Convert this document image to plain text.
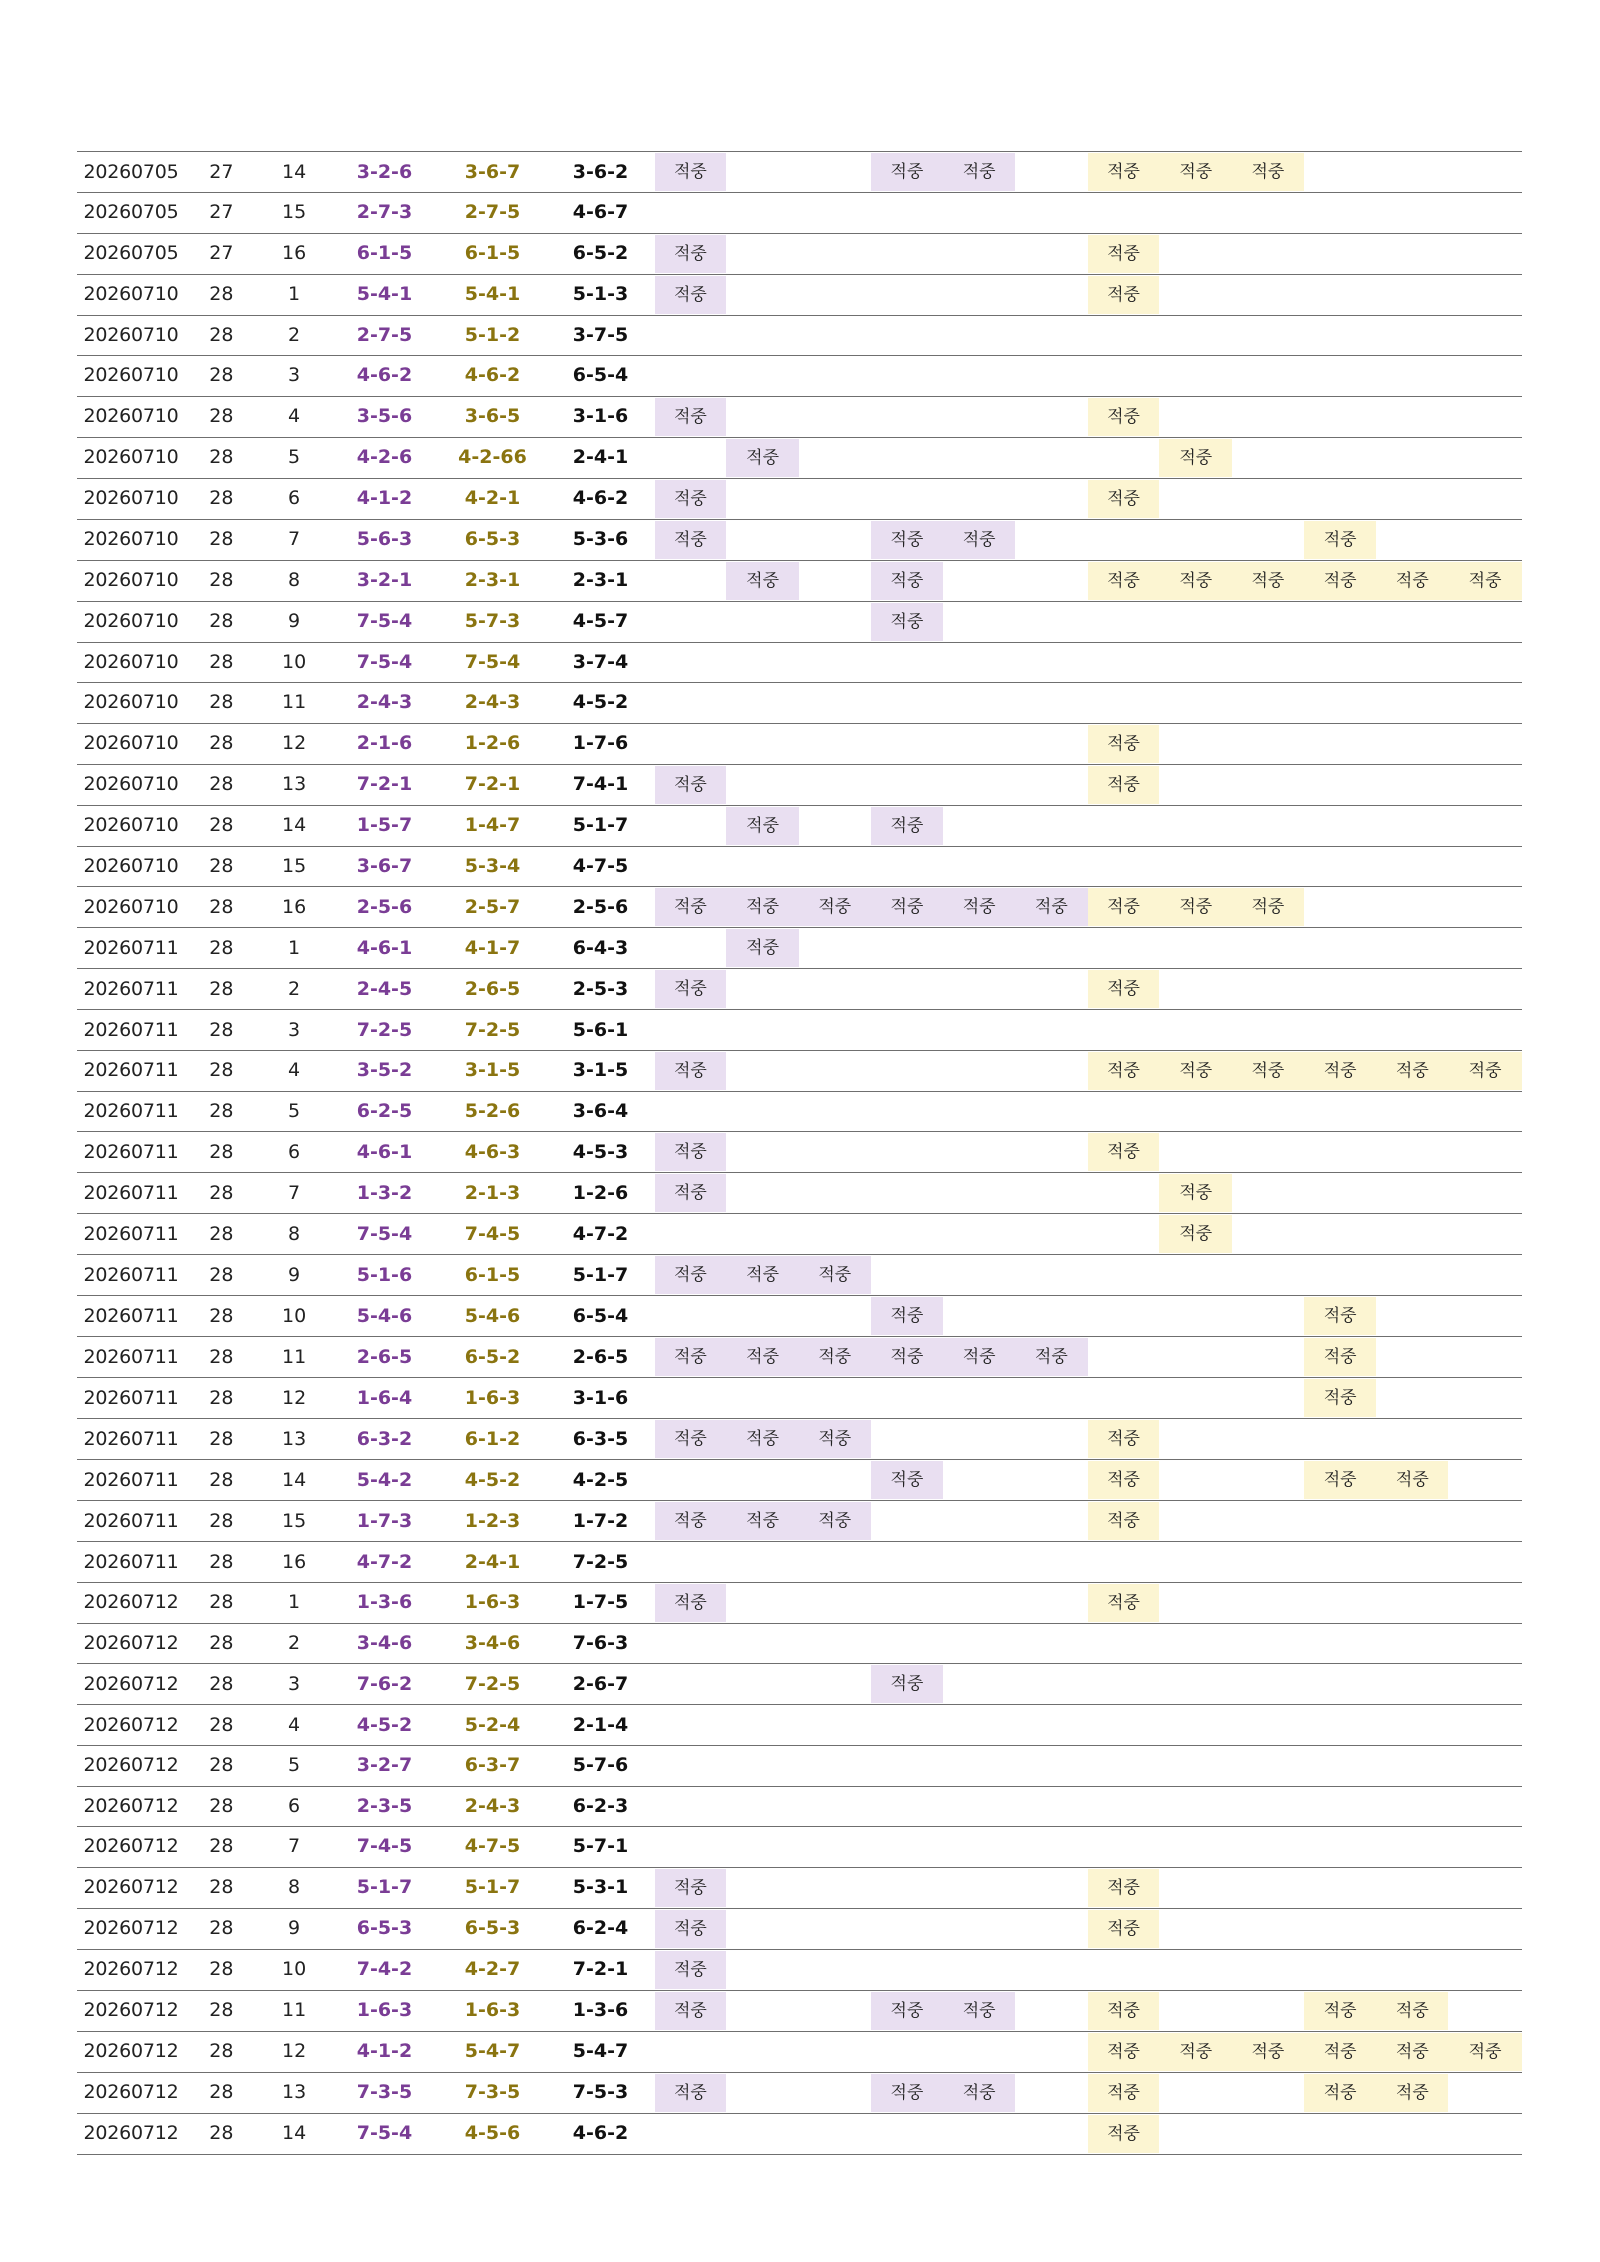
20260705	27	14	3-2-6	3-6-7	3-6-2	적중			적중	적중		적중	적중	적중			

20260705	27	15	2-7-3	2-7-5	4-6-7												
20260705	27	16	6-1-5	6-1-5	6-5-2	적중						적중					

20260710	28	1	5-4-1	5-4-1	5-1-3	적중						적중					

20260710	28	2	2-7-5	5-1-2	3-7-5												
20260710	28	3	4-6-2	4-6-2	6-5-4												
20260710	28	4	3-5-6	3-6-5	3-1-6	적중						적중					

20260710	28	5	4-2-6	4-2-66	2-4-1		적중						적중				

20260710	28	6	4-1-2	4-2-1	4-6-2	적중						적중					

20260710	28	7	5-6-3	6-5-3	5-3-6	적중			적중	적중					적중		

20260710	28	8	3-2-1	2-3-1	2-3-1		적중		적중			적중	적중	적중	적중	적중	적중

20260710	28	9	7-5-4	5-7-3	4-5-7				적중								

20260710	28	10	7-5-4	7-5-4	3-7-4												
20260710	28	11	2-4-3	2-4-3	4-5-2												
20260710	28	12	2-1-6	1-2-6	1-7-6							적중					

20260710	28	13	7-2-1	7-2-1	7-4-1	적중						적중					

20260710	28	14	1-5-7	1-4-7	5-1-7		적중		적중								

20260710	28	15	3-6-7	5-3-4	4-7-5												
20260710	28	16	2-5-6	2-5-7	2-5-6	적중	적중	적중	적중	적중	적중	적중	적중	적중			

20260711	28	1	4-6-1	4-1-7	6-4-3		적중										

20260711	28	2	2-4-5	2-6-5	2-5-3	적중						적중					

20260711	28	3	7-2-5	7-2-5	5-6-1												
20260711	28	4	3-5-2	3-1-5	3-1-5	적중						적중	적중	적중	적중	적중	적중

20260711	28	5	6-2-5	5-2-6	3-6-4												
20260711	28	6	4-6-1	4-6-3	4-5-3	적중						적중					

20260711	28	7	1-3-2	2-1-3	1-2-6	적중							적중				

20260711	28	8	7-5-4	7-4-5	4-7-2								적중				

20260711	28	9	5-1-6	6-1-5	5-1-7	적중	적중	적중									

20260711	28	10	5-4-6	5-4-6	6-5-4				적중						적중		

20260711	28	11	2-6-5	6-5-2	2-6-5	적중	적중	적중	적중	적중	적중				적중		

20260711	28	12	1-6-4	1-6-3	3-1-6										적중		

20260711	28	13	6-3-2	6-1-2	6-3-5	적중	적중	적중				적중					

20260711	28	14	5-4-2	4-5-2	4-2-5				적중			적중			적중	적중	

20260711	28	15	1-7-3	1-2-3	1-7-2	적중	적중	적중				적중					

20260711	28	16	4-7-2	2-4-1	7-2-5												
20260712	28	1	1-3-6	1-6-3	1-7-5	적중						적중					

20260712	28	2	3-4-6	3-4-6	7-6-3												
20260712	28	3	7-6-2	7-2-5	2-6-7				적중								

20260712	28	4	4-5-2	5-2-4	2-1-4												
20260712	28	5	3-2-7	6-3-7	5-7-6												
20260712	28	6	2-3-5	2-4-3	6-2-3												
20260712	28	7	7-4-5	4-7-5	5-7-1												
20260712	28	8	5-1-7	5-1-7	5-3-1	적중						적중					

20260712	28	9	6-5-3	6-5-3	6-2-4	적중						적중					

20260712	28	10	7-4-2	4-2-7	7-2-1	적중											

20260712	28	11	1-6-3	1-6-3	1-3-6	적중			적중	적중		적중			적중	적중	

20260712	28	12	4-1-2	5-4-7	5-4-7							적중	적중	적중	적중	적중	적중

20260712	28	13	7-3-5	7-3-5	7-5-3	적중			적중	적중		적중			적중	적중	

20260712	28	14	7-5-4	4-5-6	4-6-2							적중					
